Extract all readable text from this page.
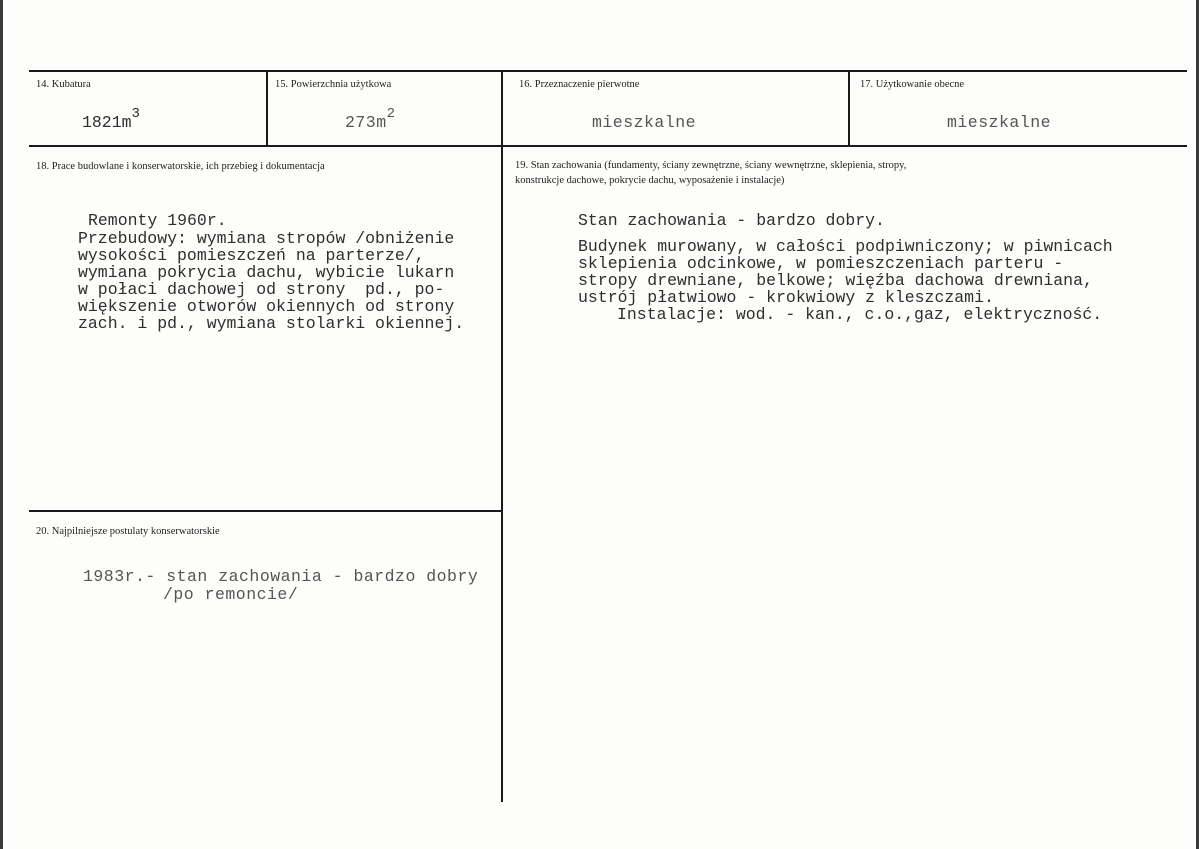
14. Kubatura
$1821m^3$
15. Powierzchnia użytkowa
$273m^2$
16. Przeznaczenie pierwotne
mieszkalne
17. Użytkowanie obecne
mieszkalne
18. Prace budowlane i konserwatorskie, ich przebieg i dokumentacja
Remonty 1960r.
Przebudowy: wymiana stropów /obniżenie
wysokości pomieszczeń na parterze/,
wymiana pokrycia dachu, wybicie lukarn
w połaci dachowej od strony  pd., po-
większenie otworów okiennych od strony
zach. i pd., wymiana stolarki okiennej.
19. Stan zachowania (fundamenty, ściany zewnętrzne, ściany wewnętrzne, sklepienia, stropy,
konstrukcje dachowe, pokrycie dachu, wyposażenie i instalacje)
Stan zachowania - bardzo dobry.
Budynek murowany, w całości podpiwniczony; w piwnicach
sklepienia odcinkowe, w pomieszczeniach parteru -
stropy drewniane, belkowe; więźba dachowa drewniana,
ustrój płatwiowo - krokwiowy z kleszczami.
Instalacje: wod. - kan., c.o.,gaz, elektryczność.
20. Najpilniejsze postulaty konserwatorskie
1983r.- stan zachowania - bardzo dobry
/po remoncie/
